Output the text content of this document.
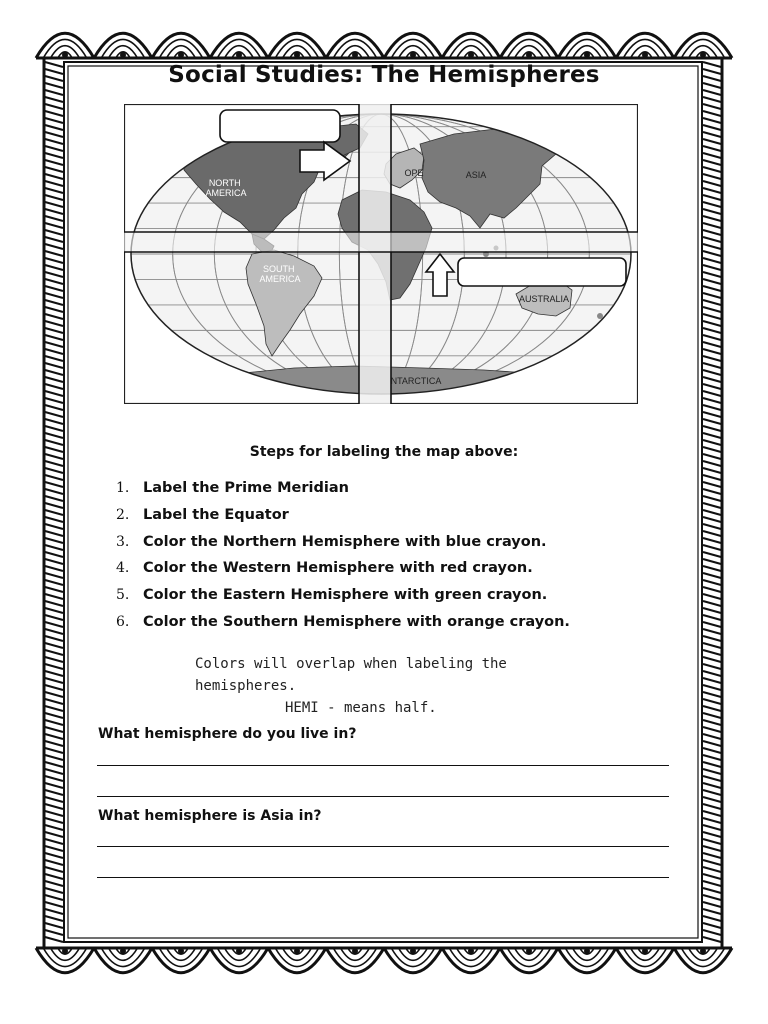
Social Studies: The Hemispheres
NORTH AMERICA
SOUTH AMERICA
OPE	ASIA
AUSTRALIA
NTARCTICA
Steps for labeling the map above:
1. Label the Prime Meridian
2. Label the Equator
3. Color the Northern Hemisphere with blue crayon.
4. Color the Western Hemisphere with red crayon.
5. Color the Eastern Hemisphere with green crayon.
6. Color the Southern Hemisphere with orange crayon.
Colors will overlap when labeling the
hemispheres.
HEMI - means half.
What hemisphere do you live in?
What hemisphere is Asia in?
